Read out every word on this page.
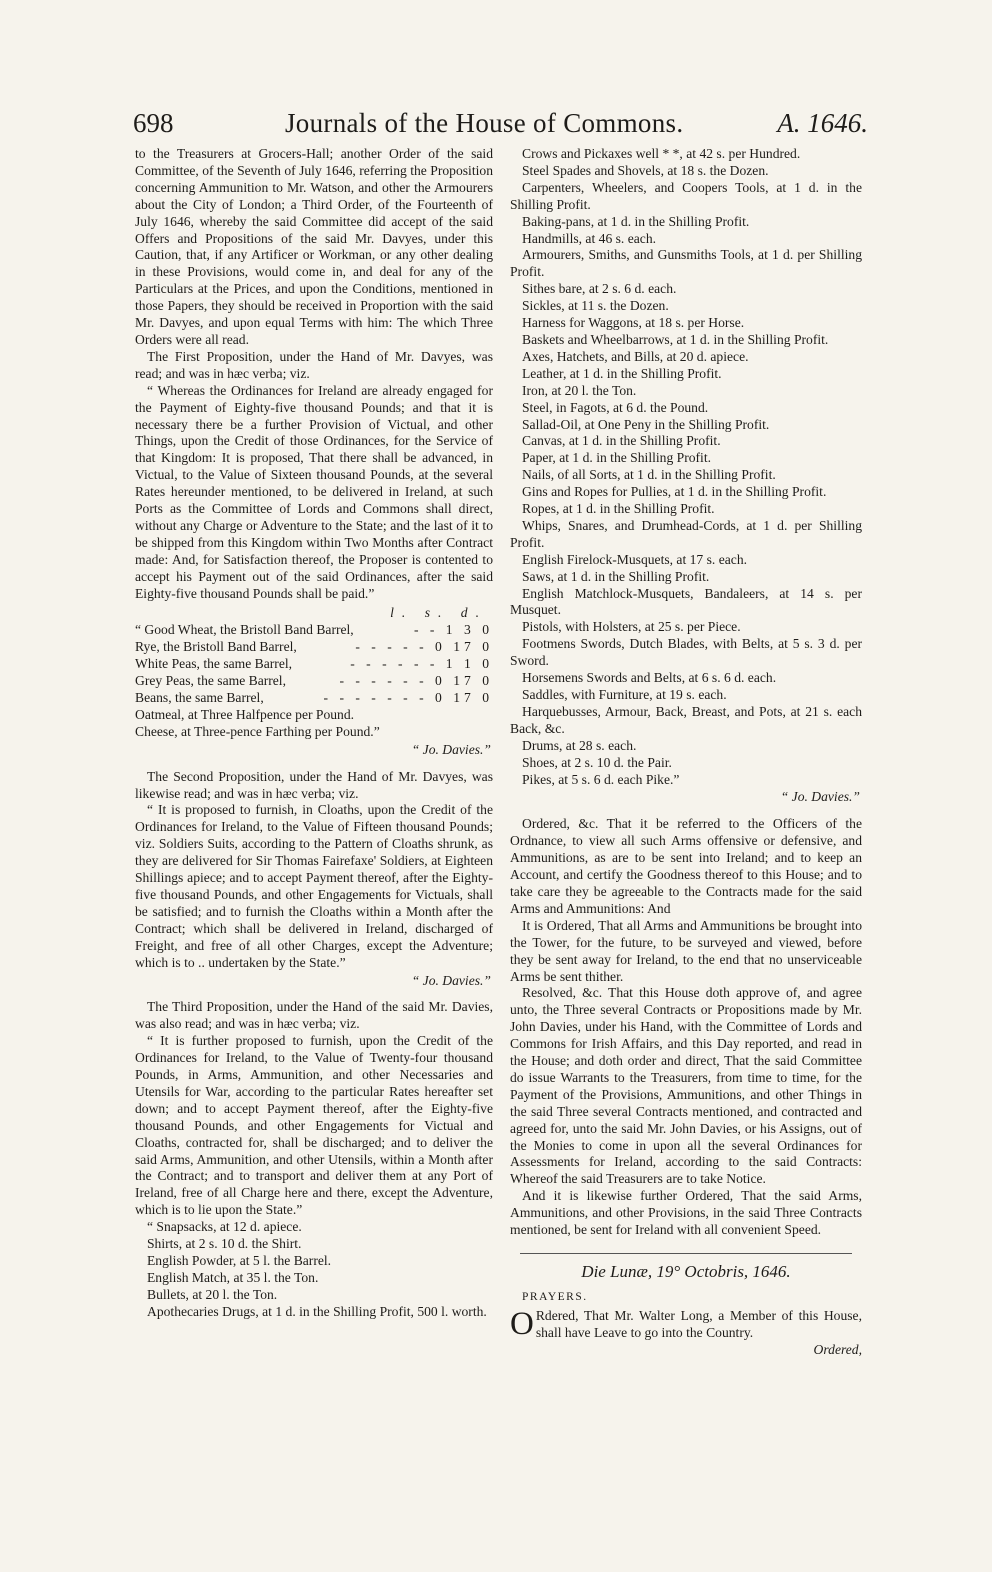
698	Journals of the House of Commons.	A. 1646.

to the Treasurers at Grocers-Hall; another Order of the said Committee, of the Seventh of July 1646, referring the Proposition concerning Ammunition to Mr. Watson, and other the Armourers about the City of London; a Third Order, of the Fourteenth of July 1646, whereby the said Committee did accept of the said Offers and Propositions of the said Mr. Davyes, under this Caution, that, if any Artificer or Workman, or any other dealing in these Provisions, would come in, and deal for any of the Particulars at the Prices, and upon the Conditions, mentioned in those Papers, they should be received in Proportion with the said Mr. Davyes, and upon equal Terms with him: The which Three Orders were all read.

The First Proposition, under the Hand of Mr. Davyes, was read; and was in hæc verba; viz.

“ Whereas the Ordinances for Ireland are already engaged for the Payment of Eighty-five thousand Pounds; and that it is necessary there be a further Provision of Victual, and other Things, upon the Credit of those Ordinances, for the Service of that Kingdom: It is proposed, That there shall be advanced, in Victual, to the Value of Sixteen thousand Pounds, at the several Rates hereunder mentioned, to be delivered in Ireland, at such Ports as the Committee of Lords and Commons shall direct, without any Charge or Adventure to the State; and the last of it to be shipped from this Kingdom within Two Months after Contract made: And, for Satisfaction thereof, the Proposer is contented to accept his Payment out of the said Ordinances, after the said Eighty-five thousand Pounds shall be paid.”

l. s. d.
“ Good Wheat, the Bristoll Band Barrel,	- - 1 3 0
Rye, the Bristoll Band Barrel,	- - - - - 0 17 0
White Peas, the same Barrel,	- - - - - - 1 1 0
Grey Peas, the same Barrel,	- - - - - - 0 17 0
Beans, the same Barrel,	- - - - - - - 0 17 0

Oatmeal, at Three Halfpence per Pound.

Cheese, at Three-pence Farthing per Pound.”

“ Jo. Davies.”

The Second Proposition, under the Hand of Mr. Davyes, was likewise read; and was in hæc verba; viz.

“ It is proposed to furnish, in Cloaths, upon the Credit of the Ordinances for Ireland, to the Value of Fifteen thousand Pounds; viz. Soldiers Suits, according to the Pattern of Cloaths shrunk, as they are delivered for Sir Thomas Fairefaxe' Soldiers, at Eighteen Shillings apiece; and to accept Payment thereof, after the Eighty-five thousand Pounds, and other Engagements for Victuals, shall be satisfied; and to furnish the Cloaths within a Month after the Contract; which shall be delivered in Ireland, discharged of Freight, and free of all other Charges, except the Adventure; which is to .. undertaken by the State.”

“ Jo. Davies.”

The Third Proposition, under the Hand of the said Mr. Davies, was also read; and was in hæc verba; viz.

“ It is further proposed to furnish, upon the Credit of the Ordinances for Ireland, to the Value of Twenty-four thousand Pounds, in Arms, Ammunition, and other Necessaries and Utensils for War, according to the particular Rates hereafter set down; and to accept Payment thereof, after the Eighty-five thousand Pounds, and other Engagements for Victual and Cloaths, contracted for, shall be discharged; and to deliver the said Arms, Ammunition, and other Utensils, within a Month after the Contract; and to transport and deliver them at any Port of Ireland, free of all Charge here and there, except the Adventure, which is to lie upon the State.”

“ Snapsacks, at 12 d. apiece.

Shirts, at 2 s. 10 d. the Shirt.

English Powder, at 5 l. the Barrel.

English Match, at 35 l. the Ton.

Bullets, at 20 l. the Ton.

Apothecaries Drugs, at 1 d. in the Shilling Profit, 500 l. worth.

Crows and Pickaxes well * *, at 42 s. per Hundred.

Steel Spades and Shovels, at 18 s. the Dozen.

Carpenters, Wheelers, and Coopers Tools, at 1 d. in the Shilling Profit.

Baking-pans, at 1 d. in the Shilling Profit.

Handmills, at 46 s. each.

Armourers, Smiths, and Gunsmiths Tools, at 1 d. per Shilling Profit.

Sithes bare, at 2 s. 6 d. each.

Sickles, at 11 s. the Dozen.

Harness for Waggons, at 18 s. per Horse.

Baskets and Wheelbarrows, at 1 d. in the Shilling Profit.

Axes, Hatchets, and Bills, at 20 d. apiece.

Leather, at 1 d. in the Shilling Profit.

Iron, at 20 l. the Ton.

Steel, in Fagots, at 6 d. the Pound.

Sallad-Oil, at One Peny in the Shilling Profit.

Canvas, at 1 d. in the Shilling Profit.

Paper, at 1 d. in the Shilling Profit.

Nails, of all Sorts, at 1 d. in the Shilling Profit.

Gins and Ropes for Pullies, at 1 d. in the Shilling Profit.

Ropes, at 1 d. in the Shilling Profit.

Whips, Snares, and Drumhead-Cords, at 1 d. per Shilling Profit.

English Firelock-Musquets, at 17 s. each.

Saws, at 1 d. in the Shilling Profit.

English Matchlock-Musquets, Bandaleers, at 14 s. per Musquet.

Pistols, with Holsters, at 25 s. per Piece.

Footmens Swords, Dutch Blades, with Belts, at 5 s. 3 d. per Sword.

Horsemens Swords and Belts, at 6 s. 6 d. each.

Saddles, with Furniture, at 19 s. each.

Harquebusses, Armour, Back, Breast, and Pots, at 21 s. each Back, &c.

Drums, at 28 s. each.

Shoes, at 2 s. 10 d. the Pair.

Pikes, at 5 s. 6 d. each Pike.”

“ Jo. Davies.”

Ordered, &c. That it be referred to the Officers of the Ordnance, to view all such Arms offensive or defensive, and Ammunitions, as are to be sent into Ireland; and to keep an Account, and certify the Goodness thereof to this House; and to take care they be agreeable to the Contracts made for the said Arms and Ammunitions: And

It is Ordered, That all Arms and Ammunitions be brought into the Tower, for the future, to be surveyed and viewed, before they be sent away for Ireland, to the end that no unserviceable Arms be sent thither.

Resolved, &c. That this House doth approve of, and agree unto, the Three several Contracts or Propositions made by Mr. John Davies, under his Hand, with the Committee of Lords and Commons for Irish Affairs, and this Day reported, and read in the House; and doth order and direct, That the said Committee do issue Warrants to the Treasurers, from time to time, for the Payment of the Provisions, Ammunitions, and other Things in the said Three several Contracts mentioned, and contracted and agreed for, unto the said Mr. John Davies, or his Assigns, out of the Monies to come in upon all the several Ordinances for Assessments for Ireland, according to the said Contracts: Whereof the said Treasurers are to take Notice.

And it is likewise further Ordered, That the said Arms, Ammunitions, and other Provisions, in the said Three Contracts mentioned, be sent for Ireland with all convenient Speed.

Die Lunæ, 19° Octobris, 1646.
PRAYERS.

O Rdered, That Mr. Walter Long, a Member of this House, shall have Leave to go into the Country.

Ordered,
